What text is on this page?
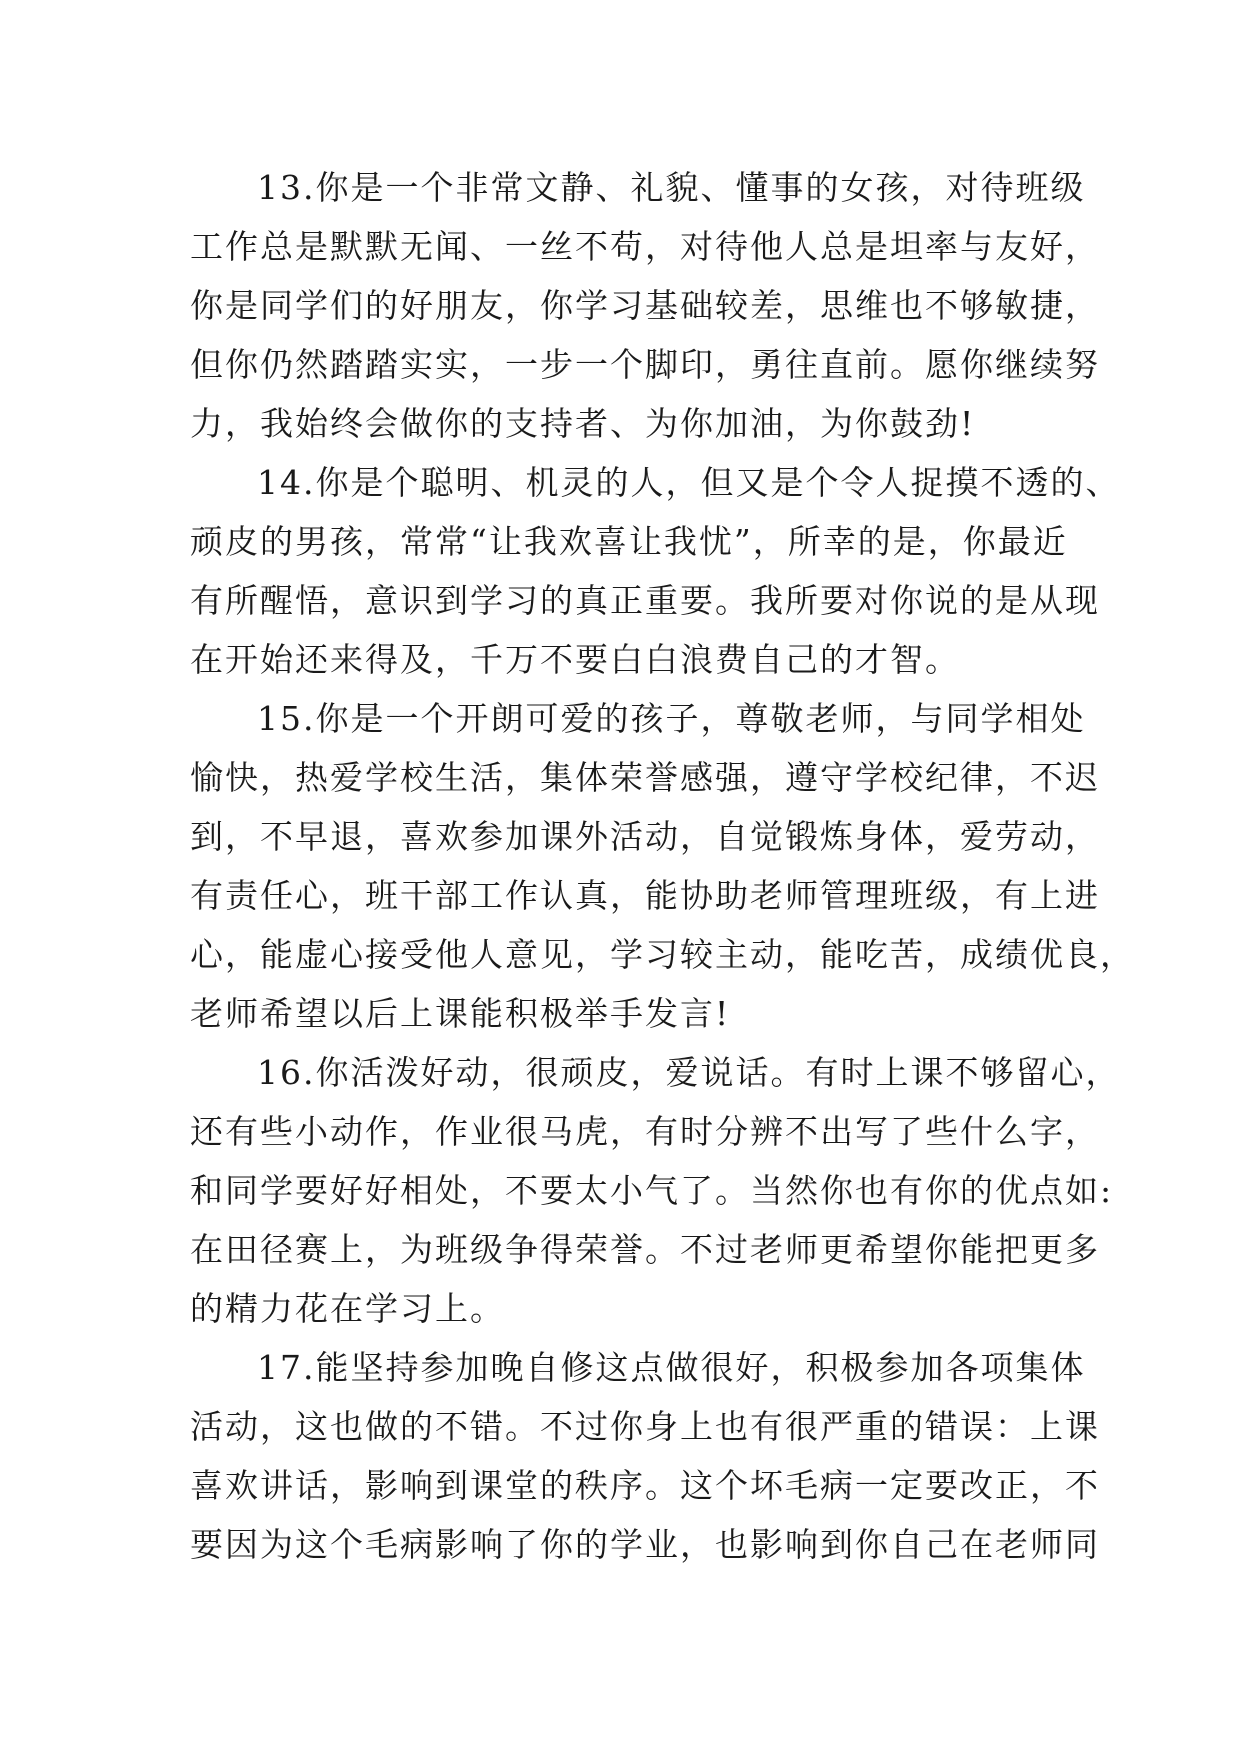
13.你是一个非常文静、礼貌、懂事的女孩，对待班级
工作总是默默无闻、一丝不苟，对待他人总是坦率与友好，
你是同学们的好朋友，你学习基础较差，思维也不够敏捷，
但你仍然踏踏实实，一步一个脚印，勇往直前。愿你继续努
力，我始终会做你的支持者、为你加油，为你鼓劲!
14.你是个聪明、机灵的人，但又是个令人捉摸不透的、
顽皮的男孩，常常“让我欢喜让我忧”，所幸的是，你最近
有所醒悟，意识到学习的真正重要。我所要对你说的是从现
在开始还来得及，千万不要白白浪费自己的才智。
15.你是一个开朗可爱的孩子，尊敬老师，与同学相处
愉快，热爱学校生活，集体荣誉感强，遵守学校纪律，不迟
到，不早退，喜欢参加课外活动，自觉锻炼身体，爱劳动，
有责任心，班干部工作认真，能协助老师管理班级，有上进
心，能虚心接受他人意见，学习较主动，能吃苦，成绩优良，
老师希望以后上课能积极举手发言!
16.你活泼好动，很顽皮，爱说话。有时上课不够留心，
还有些小动作，作业很马虎，有时分辨不出写了些什么字，
和同学要好好相处，不要太小气了。当然你也有你的优点如:
在田径赛上，为班级争得荣誉。不过老师更希望你能把更多
的精力花在学习上。
17.能坚持参加晚自修这点做很好，积极参加各项集体
活动，这也做的不错。不过你身上也有很严重的错误：上课
喜欢讲话，影响到课堂的秩序。这个坏毛病一定要改正，不
要因为这个毛病影响了你的学业，也影响到你自己在老师同
